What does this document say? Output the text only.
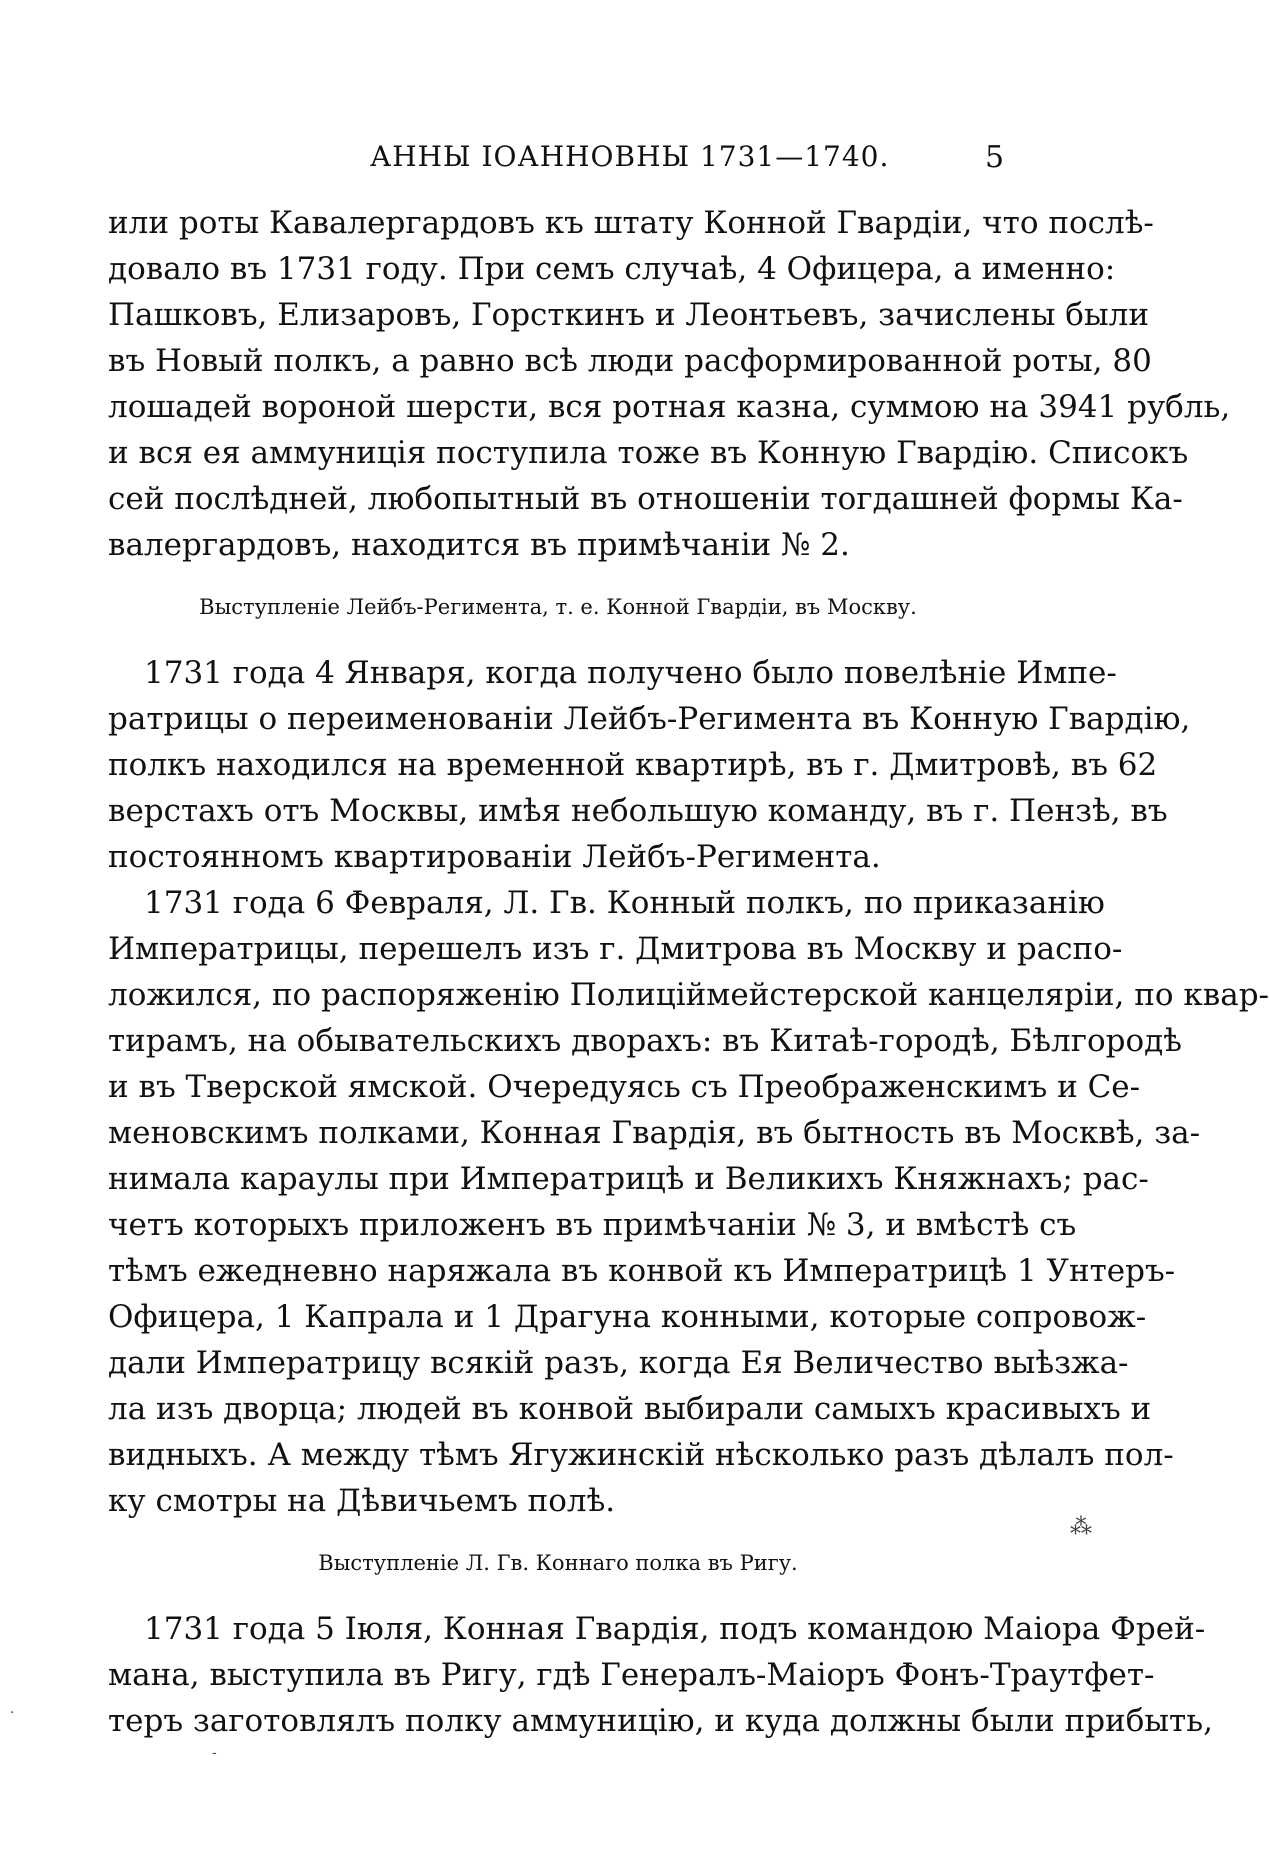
АННЫ ІОАННОВНЫ 1731—1740.	5
или роты Кавалергардовъ къ штату Конной Гвардіи, что послѣ-
довало въ 1731 году. При семъ случаѣ, 4 Офицера, а именно:
Пашковъ, Елизаровъ, Горсткинъ и Леонтьевъ, зачислены были
въ Новый полкъ, а равно всѣ люди расформированной роты, 80
лошадей вороной шерсти, вся ротная казна, суммою на 3941 рубль,
и вся ея аммуниція поступила тоже въ Конную Гвардію. Списокъ
сей послѣдней, любопытный въ отношеніи тогдашней формы Ка-
валергардовъ, находится въ примѣчаніи № 2.
Выступленіе Лейбъ-Регимента, т. е. Конной Гвардіи, въ Москву.
1731 года 4 Января, когда получено было повелѣніе Импе-
ратрицы о переименованіи Лейбъ-Регимента въ Конную Гвардію,
полкъ находился на временной квартирѣ, въ г. Дмитровѣ, въ 62
верстахъ отъ Москвы, имѣя небольшую команду, въ г. Пензѣ, въ
постоянномъ квартированіи Лейбъ-Регимента.
1731 года 6 Февраля, Л. Гв. Конный полкъ, по приказанію
Императрицы, перешелъ изъ г. Дмитрова въ Москву и распо-
ложился, по распоряженію Полиціймейстерской канцеляріи, по квар-
тирамъ, на обывательскихъ дворахъ: въ Китаѣ-городѣ, Бѣлгородѣ
и въ Тверской ямской. Очередуясь съ Преображенскимъ и Се-
меновскимъ полками, Конная Гвардія, въ бытность въ Москвѣ, за-
нимала караулы при Императрицѣ и Великихъ Княжнахъ; рас-
четъ которыхъ приложенъ въ примѣчаніи № 3, и вмѣстѣ съ
тѣмъ ежедневно наряжала въ конвой къ Императрицѣ 1 Унтеръ-
Офицера, 1 Капрала и 1 Драгуна конными, которые сопровож-
дали Императрицу всякій разъ, когда Ея Величество выѣзжа-
ла изъ дворца; людей въ конвой выбирали самыхъ красивыхъ и
видныхъ. А между тѣмъ Ягужинскій нѣсколько разъ дѣлалъ пол-
ку смотры на Дѣвичьемъ полѣ.
Выступленіе Л. Гв. Коннаго полка въ Ригу.
1731 года 5 Іюля, Конная Гвардія, подъ командою Маіора Фрей-
мана, выступила въ Ригу, гдѣ Генералъ-Маіоръ Фонъ-Траутфет-
теръ заготовлялъ полку аммуницію, и куда должны были прибыть,
⁂
·
-
